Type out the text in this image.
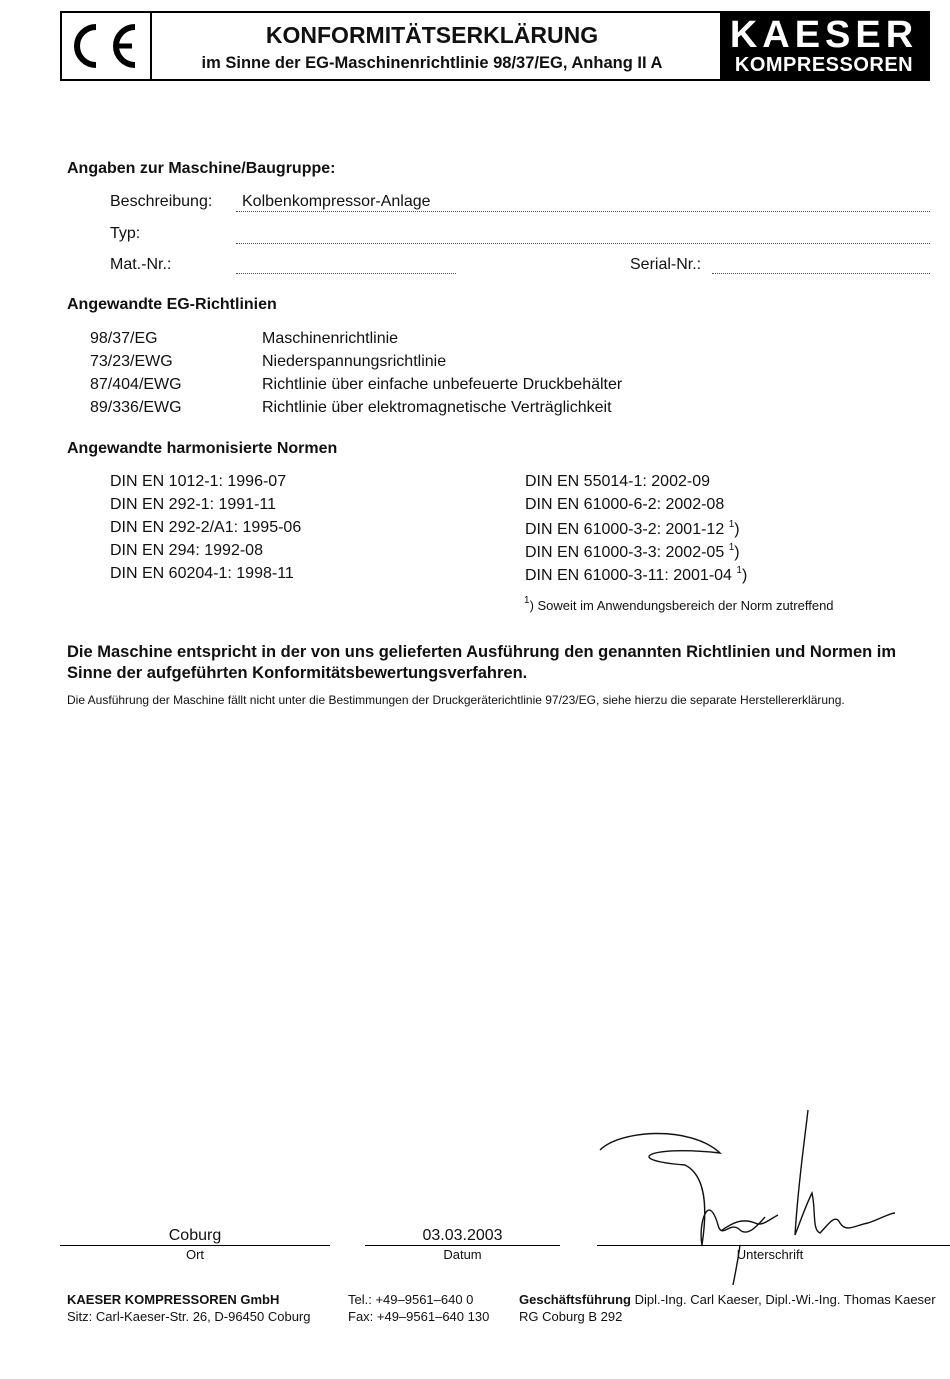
KONFORMITÄTSERKLÄRUNG
im Sinne der EG-Maschinenrichtlinie 98/37/EG, Anhang II A
KAESER
KOMPRESSOREN
Angaben zur Maschine/Baugruppe:
Beschreibung: Kolbenkompressor-Anlage
Typ:
Mat.-Nr.:	Serial-Nr.:
Angewandte EG-Richtlinien
98/37/EG	Maschinenrichtlinie
73/23/EWG	Niederspannungsrichtlinie
87/404/EWG	Richtlinie über einfache unbefeuerte Druckbehälter
89/336/EWG	Richtlinie über elektromagnetische Verträglichkeit
Angewandte harmonisierte Normen
DIN EN 1012-1: 1996-07
DIN EN 292-1: 1991-11
DIN EN 292-2/A1: 1995-06
DIN EN 294: 1992-08
DIN EN 60204-1: 1998-11
DIN EN 55014-1: 2002-09
DIN EN 61000-6-2: 2002-08
DIN EN 61000-3-2: 2001-12 $^1$)
DIN EN 61000-3-3: 2002-05 $^1$)
DIN EN 61000-3-11: 2001-04 $^1$)
$^1$) Soweit im Anwendungsbereich der Norm zutreffend
Die Maschine entspricht in der von uns gelieferten Ausführung den genannten Richtlinien und Normen im
Sinne der aufgeführten Konformitätsbewertungsverfahren.
Die Ausführung der Maschine fällt nicht unter die Bestimmungen der Druckgeräterichtlinie 97/23/EG, siehe hierzu die separate Herstellererklärung.
Coburg
Ort
03.03.2003
Datum	Unterschrift
KAESER KOMPRESSOREN GmbH
Sitz: Carl-Kaeser-Str. 26, D-96450 Coburg
Tel.: +49–9561–640 0
Fax: +49–9561–640 130
Geschäftsführung Dipl.-Ing. Carl Kaeser, Dipl.-Wi.-Ing. Thomas Kaeser
RG Coburg B 292
